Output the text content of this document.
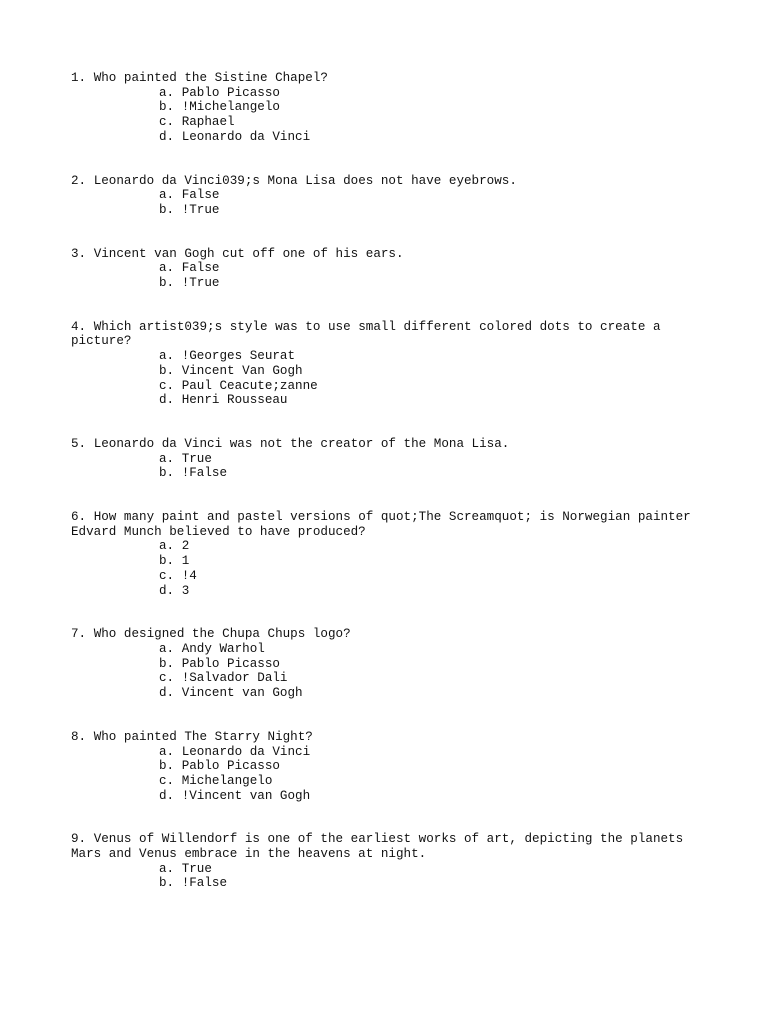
1. Who painted the Sistine Chapel?
a. Pablo Picasso
b. !Michelangelo
c. Raphael
d. Leonardo da Vinci
2. Leonardo da Vinci039;s Mona Lisa does not have eyebrows.
a. False
b. !True
3. Vincent van Gogh cut off one of his ears.
a. False
b. !True
4. Which artist039;s style was to use small different colored dots to create a picture?
a. !Georges Seurat
b. Vincent Van Gogh
c. Paul Ceacute;zanne
d. Henri Rousseau
5. Leonardo da Vinci was not the creator of the Mona Lisa.
a. True
b. !False
6. How many paint and pastel versions of quot;The Screamquot; is Norwegian painter Edvard Munch believed to have produced?
a. 2
b. 1
c. !4
d. 3
7. Who designed the Chupa Chups logo?
a. Andy Warhol
b. Pablo Picasso
c. !Salvador Dali
d. Vincent van Gogh
8. Who painted The Starry Night?
a. Leonardo da Vinci
b. Pablo Picasso
c. Michelangelo
d. !Vincent van Gogh
9. Venus of Willendorf is one of the earliest works of art, depicting the planets Mars and Venus embrace in the heavens at night.
a. True
b. !False
